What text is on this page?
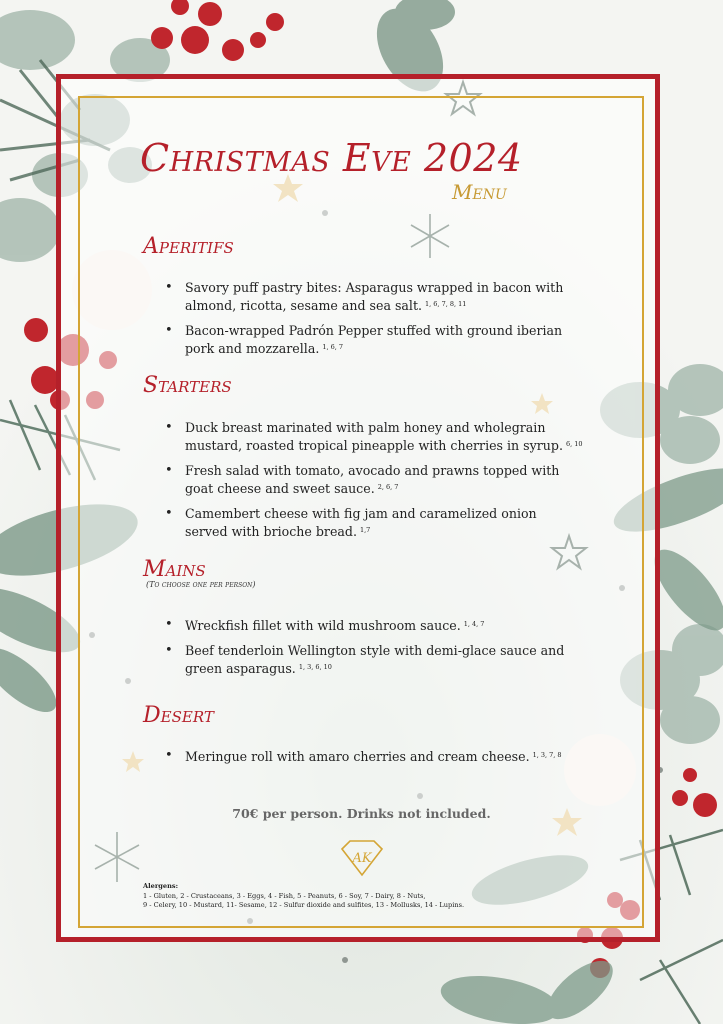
Christmas Eve 2024
Menu
Aperitifs
• Savory puff pastry bites: Asparagus wrapped in bacon with almond, ricotta, sesame and sea salt. $^{1, 6, 7, 8, 11}$
• Bacon-wrapped Padrón Pepper stuffed with ground iberian pork and mozzarella. $^{1, 6, 7}$
Starters
• Duck breast marinated with palm honey and wholegrain mustard, roasted tropical pineapple with cherries in syrup. $^{6, 10}$
• Fresh salad with tomato, avocado and prawns topped with goat cheese and sweet sauce. $^{2, 6, 7}$
• Camembert cheese with fig jam and caramelized onion served with brioche bread. $^{1,7}$
Mains
(To choose one per person)
• Wreckfish fillet with wild mushroom sauce. $^{1, 4, 7}$
• Beef tenderloin Wellington style with demi-glace sauce and green asparagus. $^{1, 3, 6, 10}$
Desert
• Meringue roll with amaro cherries and cream cheese. $^{1, 3, 7, 8}$
70€ per person. Drinks not included.
AK
Alergens:
1 - Gluten, 2 - Crustaceans, 3 - Eggs, 4 - Fish, 5 - Peanuts, 6 - Soy, 7 - Dairy, 8 - Nuts,
9 - Celery, 10 - Mustard, 11- Sesame, 12 - Sulfur dioxide and sulfites, 13 - Mollusks, 14 - Lupins.
